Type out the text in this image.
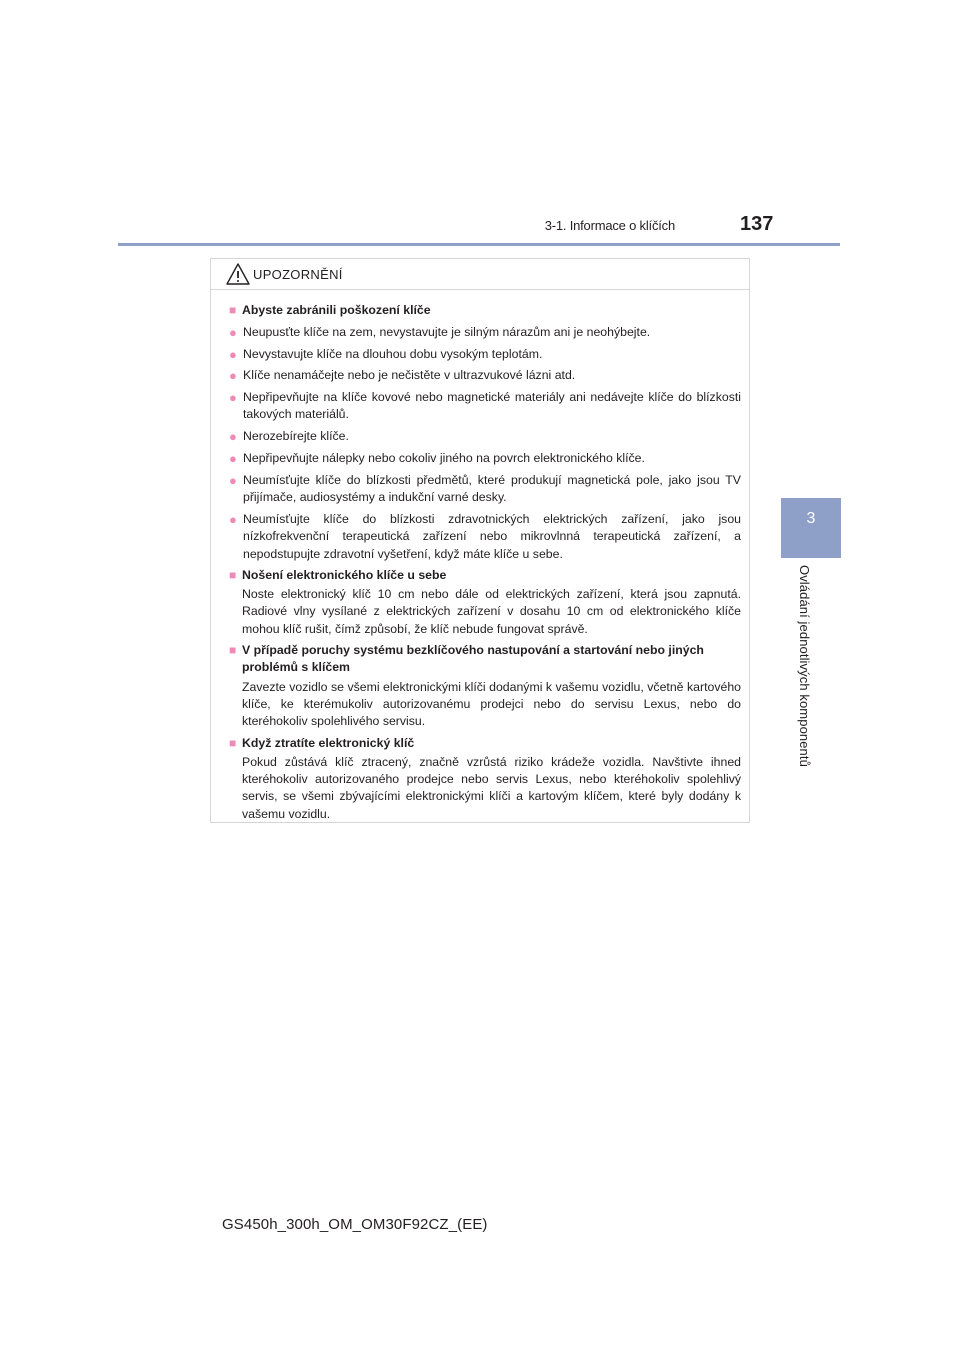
3-1. Informace o klíčích	137
3
Ovládání jednotlivých komponentů
UPOZORNĚNÍ
■ Abyste zabránili poškození klíče
● Neupusťte klíče na zem, nevystavujte je silným nárazům ani je neohýbejte.
● Nevystavujte klíče na dlouhou dobu vysokým teplotám.
● Klíče nenamáčejte nebo je nečistěte v ultrazvukové lázni atd.
● Nepřipevňujte na klíče kovové nebo magnetické materiály ani nedávejte klíče do blízkosti takových materiálů.
● Nerozebírejte klíče.
● Nepřipevňujte nálepky nebo cokoliv jiného na povrch elektronického klíče.
● Neumísťujte klíče do blízkosti předmětů, které produkují magnetická pole, jako jsou TV přijímače, audiosystémy a indukční varné desky.
● Neumísťujte klíče do blízkosti zdravotnických elektrických zařízení, jako jsou nízkofrekvenční terapeutická zařízení nebo mikrovlnná terapeutická zařízení, a nepodstupujte zdravotní vyšetření, když máte klíče u sebe.
■ Nošení elektronického klíče u sebe
Noste elektronický klíč 10 cm nebo dále od elektrických zařízení, která jsou zapnutá. Radiové vlny vysílané z elektrických zařízení v dosahu 10 cm od elektronického klíče mohou klíč rušit, čímž způsobí, že klíč nebude fungovat správě.
■ V případě poruchy systému bezklíčového nastupování a startování nebo jiných problémů s klíčem
Zavezte vozidlo se všemi elektronickými klíči dodanými k vašemu vozidlu, včetně kartového klíče, ke kterémukoliv autorizovanému prodejci nebo do servisu Lexus, nebo do kteréhokoliv spolehlivého servisu.
■ Když ztratíte elektronický klíč
Pokud zůstává klíč ztracený, značně vzrůstá riziko krádeže vozidla. Navštivte ihned kteréhokoliv autorizovaného prodejce nebo servis Lexus, nebo kteréhokoliv spolehlivý servis, se všemi zbývajícími elektronickými klíči a kartovým klíčem, které byly dodány k vašemu vozidlu.
GS450h_300h_OM_OM30F92CZ_(EE)
